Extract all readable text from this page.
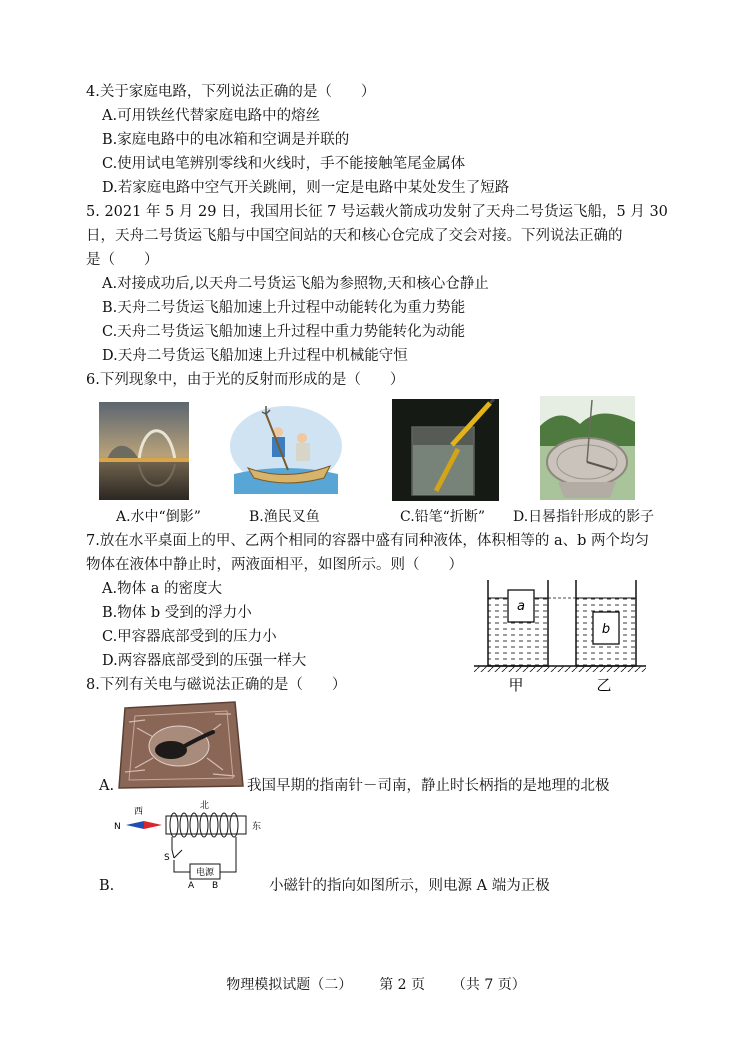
4.关于家庭电路，下列说法正确的是（　　）
A.可用铁丝代替家庭电路中的熔丝
B.家庭电路中的电冰箱和空调是并联的
C.使用试电笔辨别零线和火线时，手不能接触笔尾金属体
D.若家庭电路中空气开关跳闸，则一定是电路中某处发生了短路
5. 2021 年 5 月 29 日，我国用长征 7 号运载火箭成功发射了天舟二号货运飞船，5 月 30
日，天舟二号货运飞船与中国空间站的天和核心仓完成了交会对接。下列说法正确的
是（　　）
A.对接成功后,以天舟二号货运飞船为参照物,天和核心仓静止
B.天舟二号货运飞船加速上升过程中动能转化为重力势能
C.天舟二号货运飞船加速上升过程中重力势能转化为动能
D.天舟二号货运飞船加速上升过程中机械能守恒
6.下列现象中，由于光的反射而形成的是（　　）
A.水中“倒影”	B.渔民叉鱼	C.铅笔“折断” D.日晷指针形成的影子
7.放在水平桌面上的甲、乙两个相同的容器中盛有同种液体，体积相等的 a、b 两个均匀
物体在液体中静止时，两液面相平，如图所示。则（　　）
A.物体 a 的密度大
B.物体 b 受到的浮力小
C.甲容器底部受到的压力小
D.两容器底部受到的压强一样大
a
b
甲	乙
8.下列有关电与磁说法正确的是（　　）
A.	我国早期的指南针－司南，静止时长柄指的是地理的北极
N
西
北
东
S
电源
A B
B.	小磁针的指向如图所示，则电源 A 端为正极
物理模拟试题（二） 第 2 页 （共 7 页）
